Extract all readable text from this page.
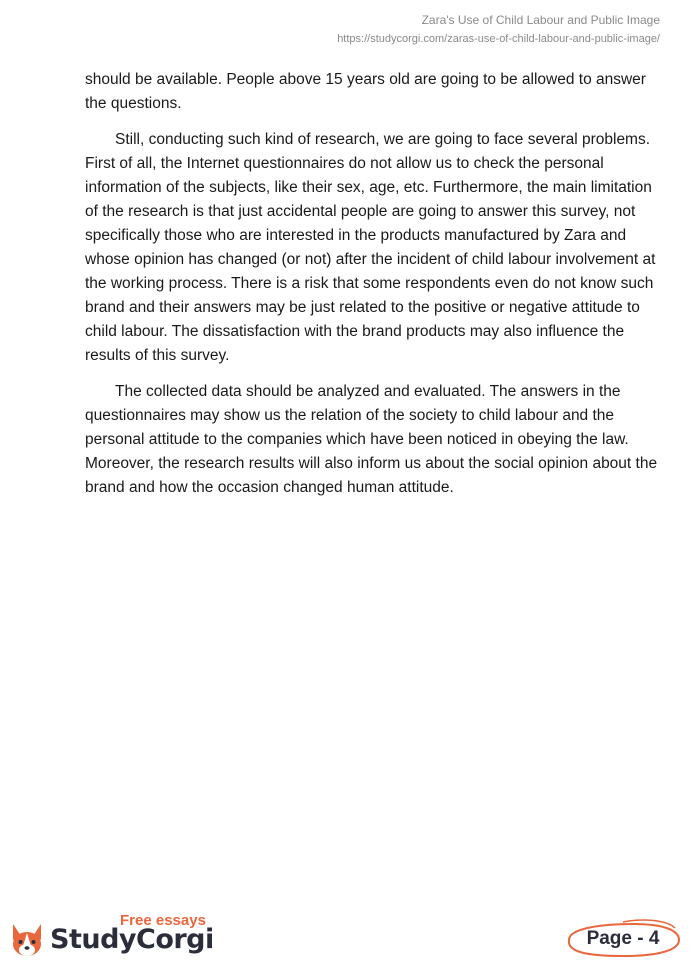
Zara's Use of Child Labour and Public Image
https://studycorgi.com/zaras-use-of-child-labour-and-public-image/

should be available. People above 15 years old are going to be allowed to answer the questions.

Still, conducting such kind of research, we are going to face several problems. First of all, the Internet questionnaires do not allow us to check the personal information of the subjects, like their sex, age, etc. Furthermore, the main limitation of the research is that just accidental people are going to answer this survey, not specifically those who are interested in the products manufactured by Zara and whose opinion has changed (or not) after the incident of child labour involvement at the working process. There is a risk that some respondents even do not know such brand and their answers may be just related to the positive or negative attitude to child labour. The dissatisfaction with the brand products may also influence the results of this survey.

The collected data should be analyzed and evaluated. The answers in the questionnaires may show us the relation of the society to child labour and the personal attitude to the companies which have been noticed in obeying the law. Moreover, the research results will also inform us about the social opinion about the brand and how the occasion changed human attitude.

Free essays
StudyCorgi	Page - 4
